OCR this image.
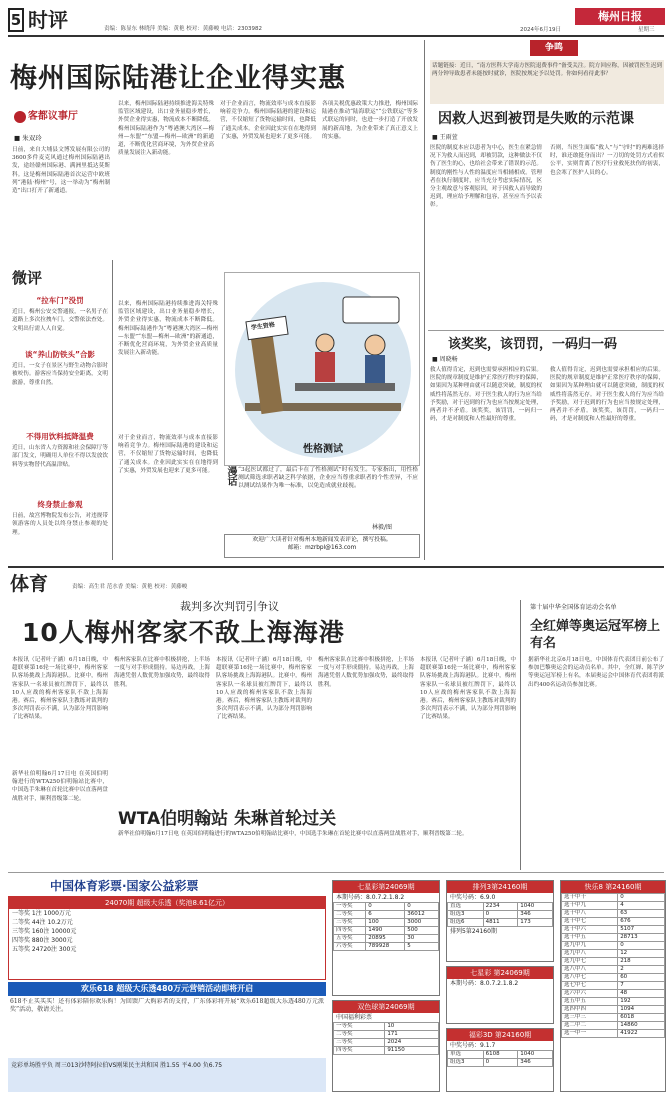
5 时评	责编：陈显东 林晓萍 美编：黄艳 校对：黄藤峻 电话：2303982	2024年6月19日	星期三
梅州日报
梅州国际陆港让企业得实惠
客都议事厅
■ 朱双玲
日前，来自大埔县文博发展有限公司的3600多件麦克风通过梅州国际陆港出发，途经赣州国际港、满洲里抵达莫斯科。这是梅州国际陆港首次运营中欧班列“港陆·梅州”号，这一举动为“梅州制造”出口打开了新通道。
以来，梅州国际陆港持续推进海关特殊监管区域建设，出口业务量稳步增长，外贸企业得实惠，物流成本不断降低。梅州国际陆港作为“粤港澳大湾区—梅州—东盟”“东盟—梅州—欧洲”的新通道，不断优化营商环境，为外贸企业高质量发展注入新动能。
对于企业而言，物流效率与成本直接影响着竞争力。梅州国际陆港的建设和运营，不仅缩短了货物运输时间，也降低了通关成本。企业因此实实在在地得到了实惠，外贸发展也迎来了更多可能。
各项关税优惠政策大力推进，梅州国际陆港在推动“陆海联运”“公铁联运”等多式联运的同时，也进一步打造了开放发展的新高地，为企业带来了真正意义上的实惠。
微评
“拉车门”没罚
近日，梅州公安交警通报，一名男子在道路上多次拉拽车门，交警依法查处。文明出行需人人自觉。
谈“养山防铁头”合影
近日，一女子在景区与野生动物合影时被咬伤。游客应当保持安全距离，文明旅游，尊重自然。
不得用饮料抵降温费
近日，山东省人力资源和社会保障厅等部门发文，明确用人单位不得以发放饮料等实物替代高温津贴。
终身禁止参观
日前，故宫博物院发布公告，对违规带领游客的人员处以终身禁止参观的处理。
以来，梅州国际陆港持续推进海关特殊监管区域建设，出口业务量稳步增长，外贸企业得实惠，物流成本不断降低。梅州国际陆港作为“粤港澳大湾区—梅州—东盟”“东盟—梅州—欧洲”的新通道，不断优化营商环境，为外贸企业高质量发展注入新动能。
对于企业而言，物流效率与成本直接影响着竞争力。梅州国际陆港的建设和运营，不仅缩短了货物运输时间，也降低了通关成本。企业因此实实在在地得到了实惠，外贸发展也迎来了更多可能。
学生资格
性格测试
漫话 “3起医试都过了，最后卡在了性格测试”时有发生。专家指出，用性格测试筛选求职者缺乏科学依据，企业应当尊重求职者的个性差异，不应以测试结果作为唯一标准，以免造成就业歧视。
林毅/图
欢迎广大读者针对梅州本地新闻发表评论，撰写投稿。
邮箱：mzrbpl@163.com
争鸣
话题链接：近日，“南方医科大学南方医院退费事件”备受关注。院方回应称，因被罚医生迟到两分钟导致患者未能按时就诊，医院按规定予以处罚。你如何看待此事？
因救人迟到被罚是失败的示范课
■ 王雨萱
医院的制度本应以患者为中心，医生在紧急情况下为救人而迟到，却被罚款，这种做法不仅伤了医生的心，也给社会带来了错误的示范。制度的刚性与人性的温度应当相辅相成。管理者在执行制度时，应当充分考虑实际情况，区分主观故意与客观原因，对于因救人而导致的迟到，理应给予理解和包容，甚至应当予以表彰。
否则，当医生面临“救人”与“守时”的两难选择时，谁还敢挺身而出？一刀切的处罚方式看似公平，实则背离了医疗行业救死扶伤的初衷，也会寒了医护人员的心。
该奖奖，该罚罚，一码归一码
■ 周晓畅
救人值得肯定，迟到也需要承担相应的后果。医院的规章制度是维护正常医疗秩序的保障，如果因为某种理由就可以随意突破，制度的权威性将荡然无存。对于医生救人的行为应当给予奖励，对于迟到的行为也应当按规定处理，两者并不矛盾。该奖奖，该罚罚，一码归一码，才是对制度和人性最好的尊重。
救人值得肯定，迟到也需要承担相应的后果。医院的规章制度是维护正常医疗秩序的保障，如果因为某种理由就可以随意突破，制度的权威性将荡然无存。对于医生救人的行为应当给予奖励，对于迟到的行为也应当按规定处理，两者并不矛盾。该奖奖，该罚罚，一码归一码，才是对制度和人性最好的尊重。
体育	责编：高生君 范水香 美编：黄艳 校对：黄藤峻
裁判多次判罚引争议
10人梅州客家不敌上海海港
本报讯（记者叶子涵）6月18日晚，中超联赛第16轮一场比赛中，梅州客家队客场挑战上海海港队。比赛中，梅州客家队一名球员被红牌罚下，最终以10人应战的梅州客家队不敌上海海港。赛后，梅州客家队主教练对裁判的多次判罚表示不满，认为部分判罚影响了比赛结果。
梅州客家队在比赛中积极拼抢，上半场一度与对手形成僵持。易边再战，上海海港凭借人数优势加强攻势，最终取得胜利。
本报讯（记者叶子涵）6月18日晚，中超联赛第16轮一场比赛中，梅州客家队客场挑战上海海港队。比赛中，梅州客家队一名球员被红牌罚下，最终以10人应战的梅州客家队不敌上海海港。赛后，梅州客家队主教练对裁判的多次判罚表示不满，认为部分判罚影响了比赛结果。
梅州客家队在比赛中积极拼抢，上半场一度与对手形成僵持。易边再战，上海海港凭借人数优势加强攻势，最终取得胜利。
本报讯（记者叶子涵）6月18日晚，中超联赛第16轮一场比赛中，梅州客家队客场挑战上海海港队。比赛中，梅州客家队一名球员被红牌罚下，最终以10人应战的梅州客家队不敌上海海港。赛后，梅州客家队主教练对裁判的多次判罚表示不满，认为部分判罚影响了比赛结果。
WTA伯明翰站 朱琳首轮过关
新华社伯明翰6月17日电 在英国伯明翰进行的WTA250伯明翰站比赛中，中国选手朱琳在首轮比赛中以直落两盘战胜对手，顺利晋级第二轮。
新华社伯明翰6月17日电 在英国伯明翰进行的WTA250伯明翰站比赛中，中国选手朱琳在首轮比赛中以直落两盘战胜对手，顺利晋级第二轮。
第十届中华全国体育运动会名单
全红婵等奥运冠军榜上有名
据新华社北京6月18日电，中国体育代表团日前公布了参加巴黎奥运会的运动员名单。其中，全红婵、陈芋汐等奥运冠军榜上有名，本届奥运会中国体育代表团将派出约400名运动员参加比赛。
中国体育彩票·国家公益彩票
24070期 超级大乐透（奖池8.61亿元）
一等奖 1注 1000万元
二等奖 44注 10.2万元
三等奖 160注 10000元
四等奖 880注 3000元
五等奖 24720注 300元
欢乐618 超级大乐透480万元营销活动即将开启
618不止买买买！还有体彩陪你欢乐购！为回馈广大购彩者的支持，广东体彩将开展“欢乐618超级大乐透480万元派奖”活动，敬请关注。
竞彩单场胜平负 周三013沙特阿拉伯VS刚果民主共和国 胜1.55 平4.00 负6.75
七星彩第24069期
本期号码：8.0.7.2.1.8.2
一等奖	0	0
二等奖	6	36012
三等奖	100	3000
四等奖	1490	500
五等奖	20895	30
六等奖	789928	5
双色球第24069期
中国福利彩票
一等奖	10
二等奖	171
三等奖	2024
四等奖	91150
排列3第24160期
中奖号码：6.9.0
直选	2234	1040
组选3	0	346
组选6	4811	173
排列5第24160期
七星彩 第24069期
本期号码：8.0.7.2.1.8.2
福彩3D 第24160期
中奖号码：9.1.7
单选	6108	1040
组选3	0	346
快乐8 第24160期
选十中十	0
选十中九	4
选十中八	63
选十中七	676
选十中六	5107
选十中五	28713
选九中九	0
选九中八	12
选九中七	218
选八中八	2
选八中七	60
选七中七	7
选六中六	48
选五中五	192
选四中四	1094
选三中三	6018
选二中二	14860
选一中一	41922
